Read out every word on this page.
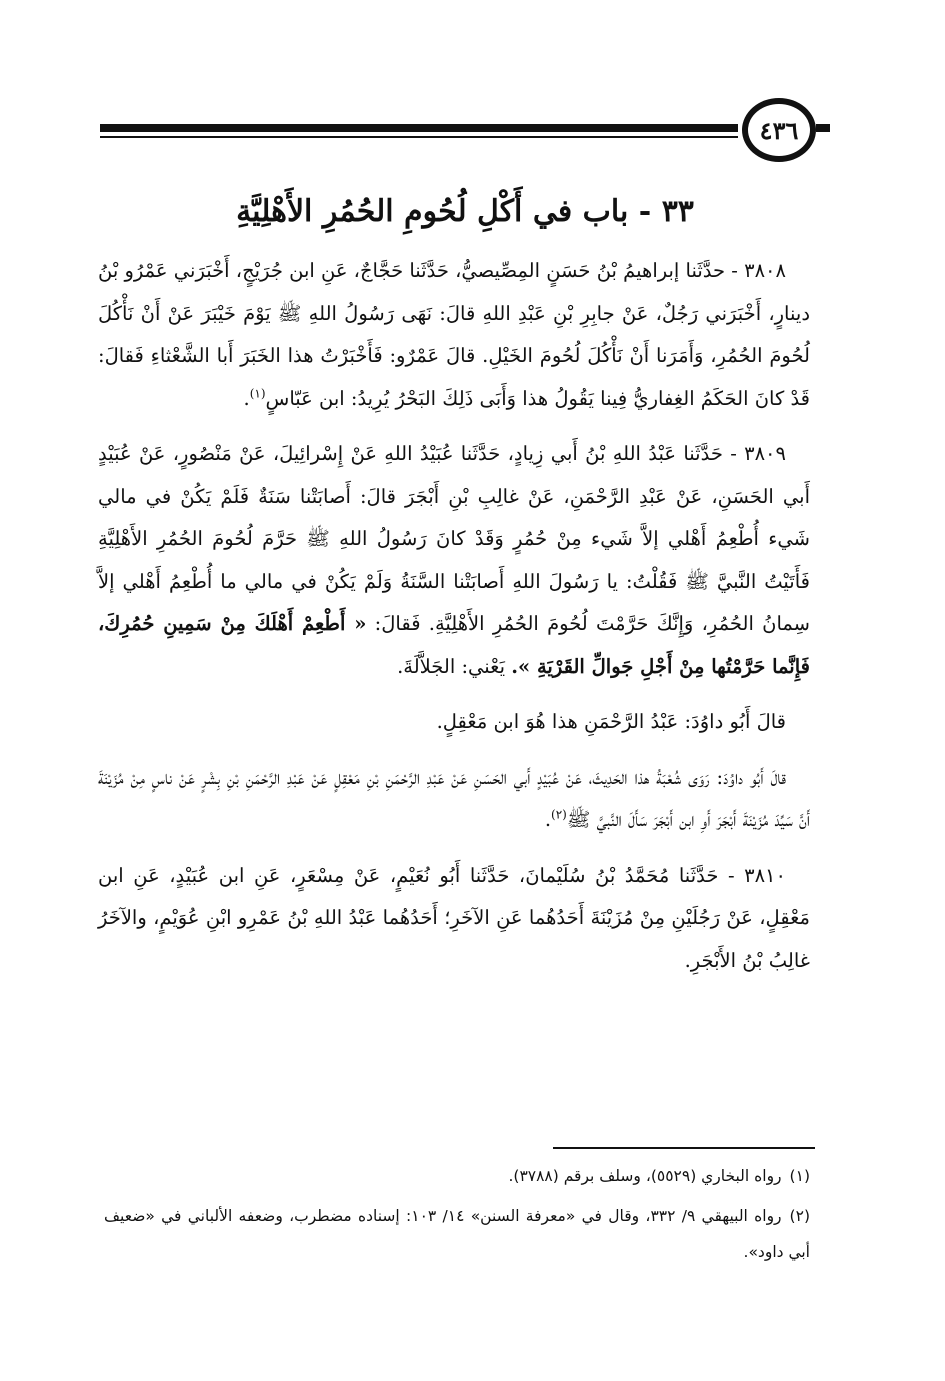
٤٣٦
٣٣ - باب في أَكْلِ لُحُومِ الحُمُرِ الأَهْلِيَّةِ

٣٨٠٨ - حدَّثَنا إبراهيمُ بْنُ حَسَنٍ المِصِّيصيُّ، حَدَّثَنا حَجَّاجٌ، عَنِ ابن جُرَيْجٍ، أَخْبَرَني عَمْرُو بْنُ دينارٍ، أَخْبَرَني رَجُلٌ، عَنْ جابِرِ بْنِ عَبْدِ اللهِ قالَ: نَهَى رَسُولُ اللهِ ﷺ يَوْمَ خَيْبَرَ عَنْ أَنْ نَأْكُلَ لُحُومَ الحُمُرِ، وَأَمَرَنا أَنْ نَأْكُلَ لُحُومَ الخَيْلِ. قالَ عَمْرٌو: فَأَخْبَرْتُ هذا الخَبَرَ أَبا الشَّعْثاءِ فَقالَ: قَدْ كانَ الحَكَمُ الغِفاريُّ فِينا يَقُولُ هذا وَأَبَى ذَلِكَ البَحْرُ يُرِيدُ: ابن عَبّاسٍ$^{(١)}$.

٣٨٠٩ - حَدَّثَنا عَبْدُ اللهِ بْنُ أَبي زِيادٍ، حَدَّثَنا عُبَيْدُ اللهِ عَنْ إِسْرائِيلَ، عَنْ مَنْصُورٍ، عَنْ عُبَيْدٍ أَبي الحَسَنِ، عَنْ عَبْدِ الرَّحْمَنِ، عَنْ غالِبِ بْنِ أَبْجَرَ قالَ: أَصابَتْنا سَنَةٌ فَلَمْ يَكُنْ في مالي شَيء أُطْعِمُ أَهْلي إلاَّ شَيء مِنْ حُمُرٍ وَقَدْ كانَ رَسُولُ اللهِ ﷺ حَرَّمَ لُحُومَ الحُمُرِ الأَهْلِيَّةِ فَأَتَيْتُ النَّبيَّ ﷺ فَقُلْتُ: يا رَسُولَ اللهِ أَصابَتْنا السَّنَةُ وَلَمْ يَكُنْ في مالي ما أُطْعِمُ أَهْلي إلاَّ سِمانُ الحُمُرِ، وَإِنَّكَ حَرَّمْتَ لُحُومَ الحُمُرِ الأَهْلِيَّةِ. فَقالَ: « أَطْعِمْ أَهْلَكَ مِنْ سَمِينِ حُمُرِكَ، فَإِنَّما حَرَّمْتُها مِنْ أَجْلِ جَوالِّ القَرْيَةِ ». يَعْني: الجَلاَّلَةَ.

قالَ أَبُو داوُدَ: عَبْدُ الرَّحْمَنِ هذا هُوَ ابن مَعْقِلٍ.

قالَ أَبُو داوُدَ: رَوَى شُعْبَةُ هذا الحَدِيثَ، عَنْ عُبَيْدٍ أَبي الحَسَنِ عَنْ عَبْدِ الرَّحْمَنِ بْنِ مَعْقِلٍ عَنْ عَبْدِ الرَّحْمَنِ بْنِ بِشْرٍ عَنْ ناسٍ مِنْ مُزَيْنَةَ أَنَّ سَيِّدَ مُزَيْنَةَ أَبْجَرَ أَوِ ابن أَبْجَرَ سَأَلَ النَّبيَّ ﷺ$^{(٢)}$.

٣٨١٠ - حَدَّثَنا مُحَمَّدُ بْنُ سُلَيْمانَ، حَدَّثَنا أَبُو نُعَيْمٍ، عَنْ مِسْعَرٍ، عَنِ ابن عُبَيْدٍ، عَنِ ابن مَعْقِلٍ، عَنْ رَجُلَيْنِ مِنْ مُزَيْنَةَ أَحَدُهُما عَنِ الآخَرِ؛ أَحَدُهُما عَبْدُ اللهِ بْنُ عَمْرِو ابْنِ عُوَيْمٍ، والآخَرُ غالِبُ بْنُ الأَبْجَرِ.

(١)رواه البخاري (٥٥٢٩)، وسلف برقم (٣٧٨٨).

(٢)رواه البيهقي ٩/ ٣٣٢، وقال في «معرفة السنن» ١٤/ ١٠٣: إسناده مضطرب، وضعفه الألباني في «ضعيف أبي داود».
